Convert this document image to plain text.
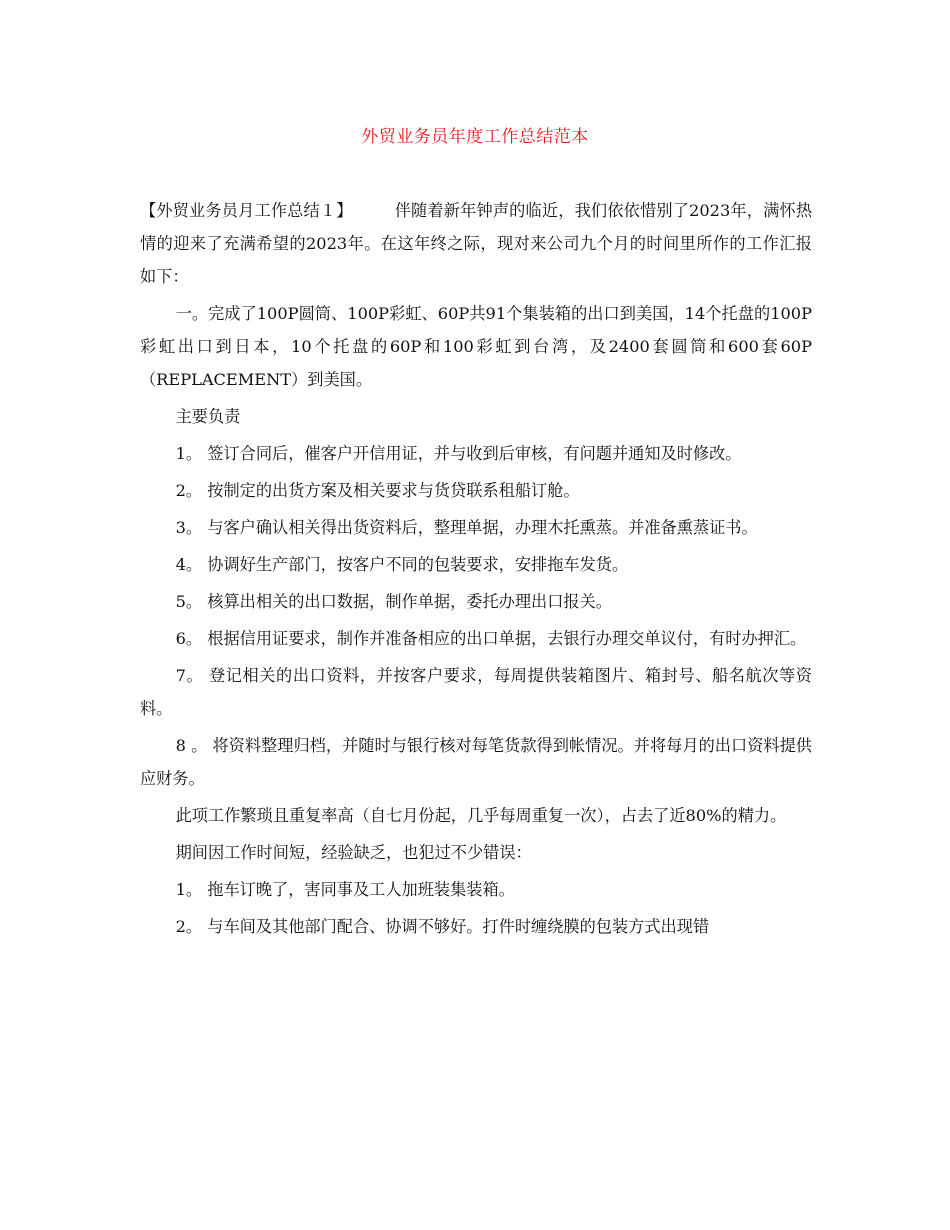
外贸业务员年度工作总结范本

【外贸业务员月工作总结１】	伴随着新年钟声的临近，我们依依惜别了2023年，满怀热情的迎来了充满希望的2023年。在这年终之际，现对来公司九个月的时间里所作的工作汇报如下：

一。完成了100P圆筒、100P彩虹、60P共91个集装箱的出口到美国，14个托盘的100P彩虹出口到日本，10个托盘的60P和100彩虹到台湾，及2400套圆筒和600套60P（REPLACEMENT）到美国。

主要负责

1。 签订合同后，催客户开信用证，并与收到后审核，有问题并通知及时修改。

2。 按制定的出货方案及相关要求与货贷联系租船订舱。

3。 与客户确认相关得出货资料后，整理单据，办理木托熏蒸。并准备熏蒸证书。

4。 协调好生产部门，按客户不同的包装要求，安排拖车发货。

5。 核算出相关的出口数据，制作单据，委托办理出口报关。

6。 根据信用证要求，制作并准备相应的出口单据，去银行办理交单议付，有时办押汇。

7。 登记相关的出口资料，并按客户要求，每周提供装箱图片、箱封号、船名航次等资料。

8 。 将资料整理归档，并随时与银行核对每笔货款得到帐情况。并将每月的出口资料提供应财务。

此项工作繁琐且重复率高（自七月份起，几乎每周重复一次），占去了近80%的精力。

期间因工作时间短，经验缺乏，也犯过不少错误：

1。 拖车订晚了，害同事及工人加班装集装箱。

2。 与车间及其他部门配合、协调不够好。打件时缠绕膜的包装方式出现错
